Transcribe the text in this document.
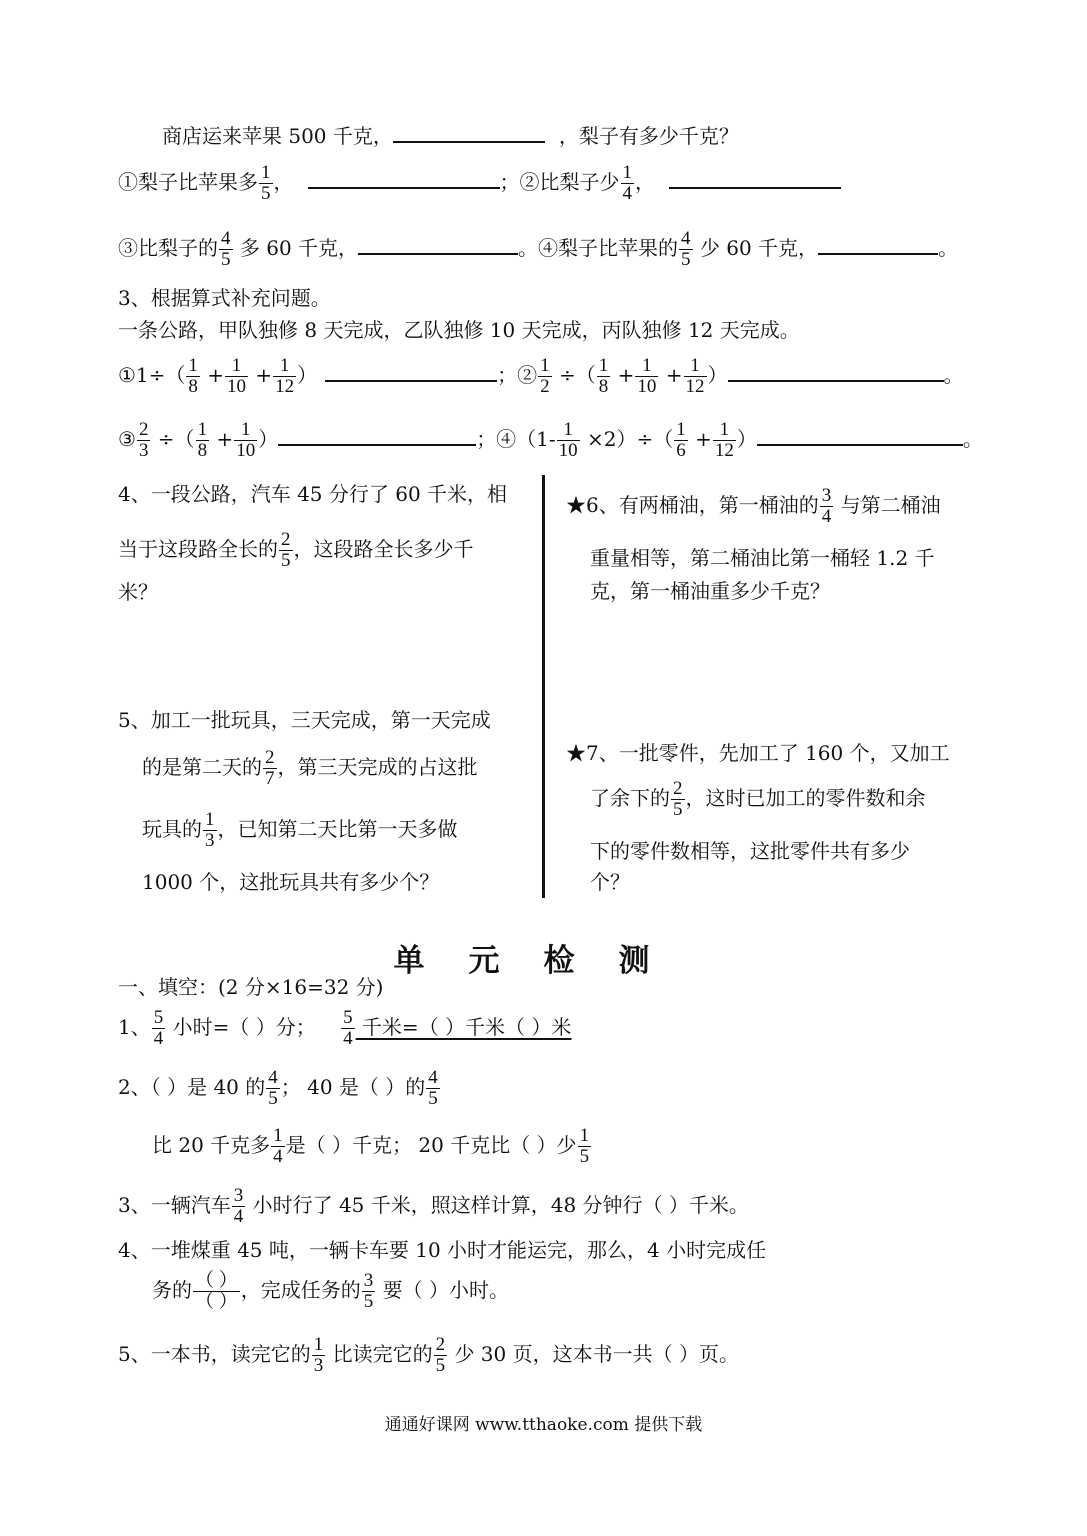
商店运来苹果 500 千克，	，梨子有多少千克？
①梨子比苹果多 $\frac{1}{5}$ ，	；②比梨子少 $\frac{1}{4}$ ，
③比梨子的 $\frac{4}{5}$ 多 60 千克，	。④梨子比苹果的 $\frac{4}{5}$ 少 60 千克，	。
3、根据算式补充问题。
一条公路，甲队独修 8 天完成，乙队独修 10 天完成，丙队独修 12 天完成。
①1÷（ $\frac{1}{8} + \frac{1}{10} + \frac{1}{12}$ ）	；② $\frac{1}{2}$ ÷（ $\frac{1}{8} + \frac{1}{10} + \frac{1}{12}$ ）	。
③ $\frac{2}{3}$ ÷（ $\frac{1}{8} + \frac{1}{10}$ ）	；④（1- $\frac{1}{10} \times 2)\div( \frac{1}{6} + \frac{1}{12}$ ）	。
4、一段公路，汽车 45 分行了 60 千米，相
当于这段路全长的 $\frac{2}{5}$ ，这段路全长多少千
米？
5、加工一批玩具，三天完成，第一天完成
的是第二天的 $\frac{2}{7}$ ，第三天完成的占这批
玩具的 $\frac{1}{3}$ ，已知第二天比第一天多做
1000 个，这批玩具共有多少个？
★6、有两桶油，第一桶油的 $\frac{3}{4}$ 与第二桶油
重量相等，第二桶油比第一桶轻 1.2 千
克，第一桶油重多少千克？
★7、一批零件，先加工了 160 个，又加工
了余下的 $\frac{2}{5}$ ，这时已加工的零件数和余
下的零件数相等，这批零件共有多少
个？
单元检测
一、填空：(2 分×16=32 分)
1、 $\frac{5}{4}$ 小时=（ ）分； $\frac{5}{4}$ 千米=（ ）千米（ ）米
2、（ ）是 40 的 $\frac{4}{5}$ ； 40 是（ ）的 $\frac{4}{5}$
比 20 千克多 $\frac{1}{4}$ 是（ ）千克； 20 千克比（ ）少 $\frac{1}{5}$
3、一辆汽车 $\frac{3}{4}$ 小时行了 45 千米，照这样计算，48 分钟行（ ）千米。
4、一堆煤重 45 吨，一辆卡车要 10 小时才能运完，那么，4 小时完成任
务的 （ ）
（ ） ，完成任务的 $\frac{3}{5}$ 要（ ）小时。
5、一本书，读完它的 $\frac{1}{3}$ 比读完它的 $\frac{2}{5}$ 少 30 页，这本书一共（ ）页。
通通好课网 www.tthaoke.com 提供下载
